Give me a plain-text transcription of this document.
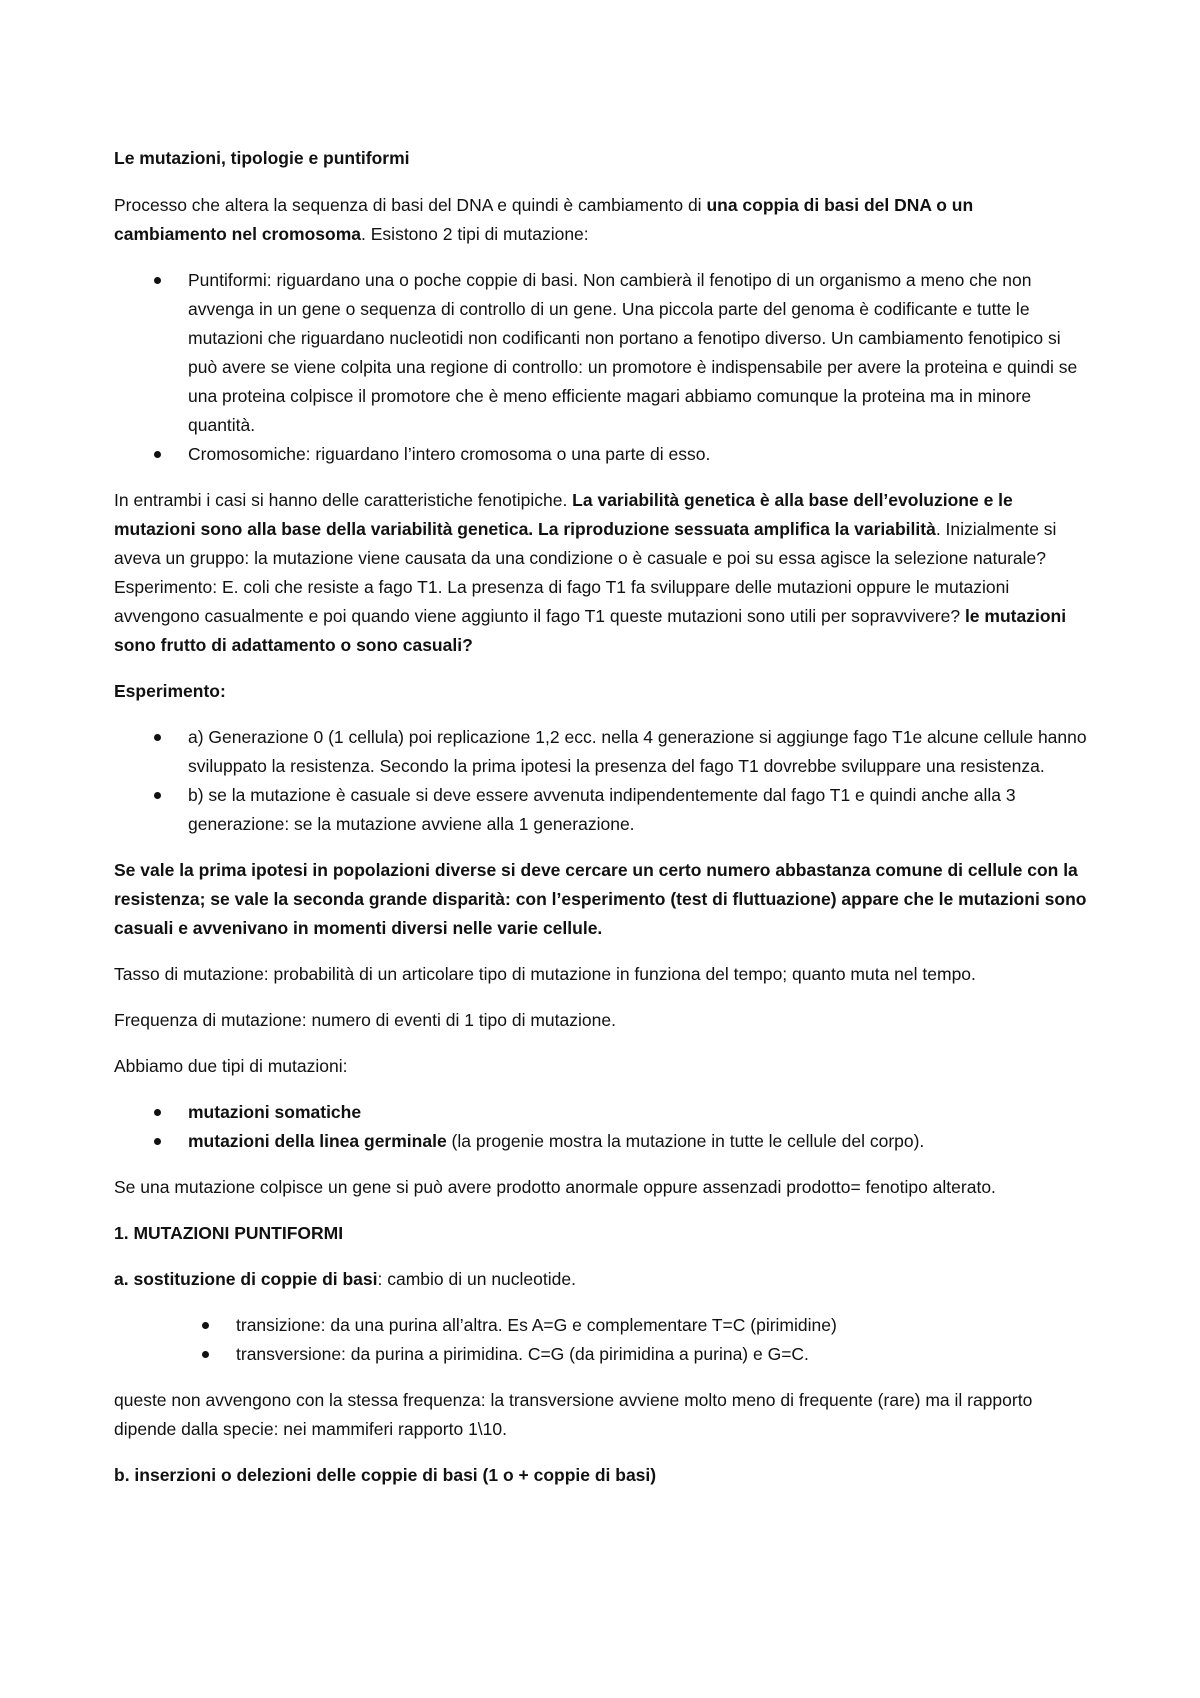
Le mutazioni, tipologie e puntiformi

Processo che altera la sequenza di basi del DNA e quindi è cambiamento di una coppia di basi del DNA o un cambiamento nel cromosoma. Esistono 2 tipi di mutazione:

Puntiformi: riguardano una o poche coppie di basi. Non cambierà il fenotipo di un organismo a meno che non avvenga in un gene o sequenza di controllo di un gene. Una piccola parte del genoma è codificante e tutte le mutazioni che riguardano nucleotidi non codificanti non portano a fenotipo diverso. Un cambiamento fenotipico si può avere se viene colpita una regione di controllo: un promotore è indispensabile per avere la proteina e quindi se una proteina colpisce il promotore che è meno efficiente magari abbiamo comunque la proteina ma in minore quantità.
Cromosomiche: riguardano l’intero cromosoma o una parte di esso.

In entrambi i casi si hanno delle caratteristiche fenotipiche. La variabilità genetica è alla base dell’evoluzione e le mutazioni sono alla base della variabilità genetica. La riproduzione sessuata amplifica la variabilità. Inizialmente si aveva un gruppo: la mutazione viene causata da una condizione o è casuale e poi su essa agisce la selezione naturale? Esperimento: E. coli che resiste a fago T1. La presenza di fago T1 fa sviluppare delle mutazioni oppure le mutazioni avvengono casualmente e poi quando viene aggiunto il fago T1 queste mutazioni sono utili per sopravvivere? le mutazioni sono frutto di adattamento o sono casuali?

Esperimento:

a) Generazione 0 (1 cellula) poi replicazione 1,2 ecc. nella 4 generazione si aggiunge fago T1e alcune cellule hanno sviluppato la resistenza. Secondo la prima ipotesi la presenza del fago T1 dovrebbe sviluppare una resistenza.
b) se la mutazione è casuale si deve essere avvenuta indipendentemente dal fago T1 e quindi anche alla 3 generazione: se la mutazione avviene alla 1 generazione.

Se vale la prima ipotesi in popolazioni diverse si deve cercare un certo numero abbastanza comune di cellule con la resistenza; se vale la seconda grande disparità: con l’esperimento (test di fluttuazione) appare che le mutazioni sono casuali e avvenivano in momenti diversi nelle varie cellule.

Tasso di mutazione: probabilità di un articolare tipo di mutazione in funziona del tempo; quanto muta nel tempo.

Frequenza di mutazione: numero di eventi di 1 tipo di mutazione.

Abbiamo due tipi di mutazioni:

mutazioni somatiche
mutazioni della linea germinale (la progenie mostra la mutazione in tutte le cellule del corpo).

Se una mutazione colpisce un gene si può avere prodotto anormale oppure assenzadi prodotto= fenotipo alterato.

1. MUTAZIONI PUNTIFORMI

a. sostituzione di coppie di basi: cambio di un nucleotide.

transizione: da una purina all’altra. Es A=G e complementare T=C (pirimidine)
transversione: da purina a pirimidina. C=G (da pirimidina a purina) e G=C.

queste non avvengono con la stessa frequenza: la transversione avviene molto meno di frequente (rare) ma il rapporto dipende dalla specie: nei mammiferi rapporto 1\10.

b. inserzioni o delezioni delle coppie di basi (1 o + coppie di basi)
